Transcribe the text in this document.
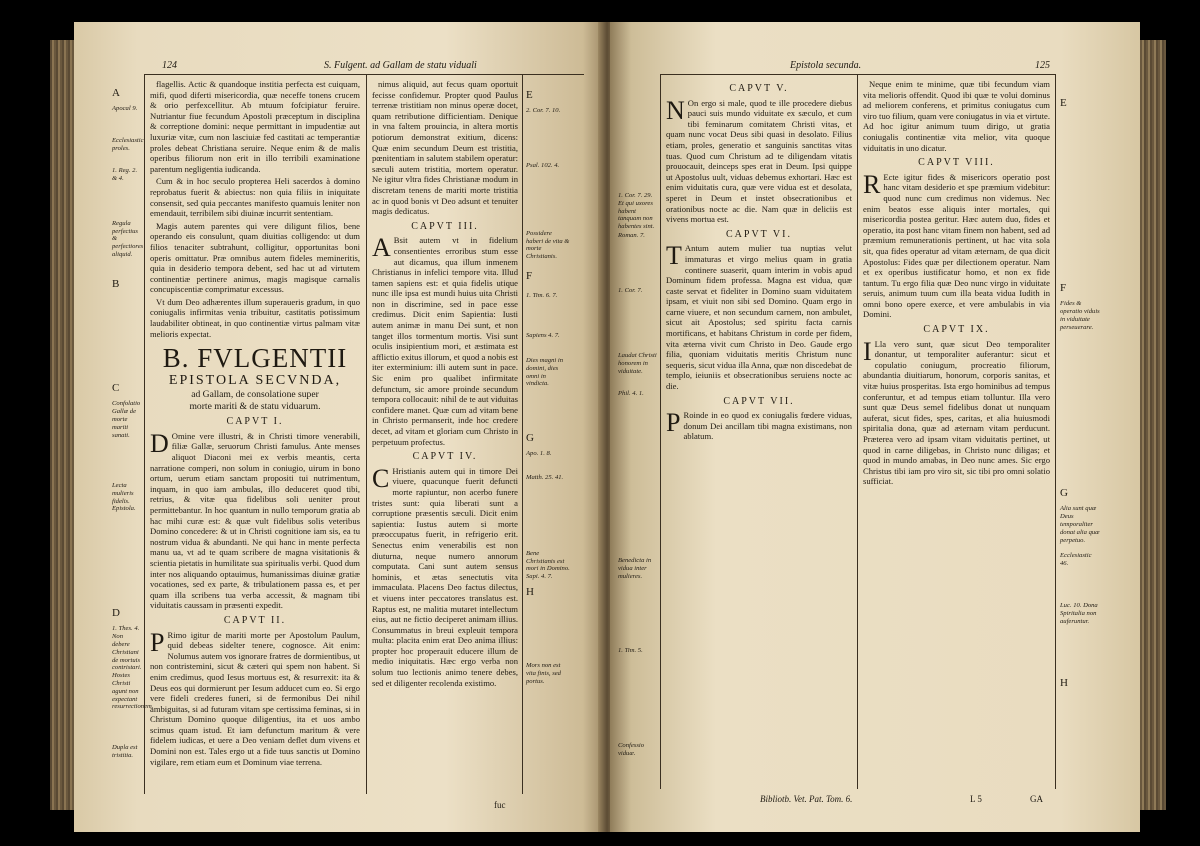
124	S. Fulgent. ad Gallam de statu viduali

A

Apocal 9.

Ecclesiastic proles.
1. Reg. 2. & 4.

Regula perfectius & perfectiores aliquid.

B

C

Confolatio Gallæ de morte mariti sanati.

Lecta mulieris fidelis. Epistola.

D

1. Thes. 4. Non debere Christiani de mortuis contristari. Hostes Christi agunt non expectant resurrectionem.

Dupla est tristitia.

flagellis. Actic & quandoque institia perfecta est cuiquam, mifi, quod diferti misericordia, quæ neceffe tonens crucem & orio perfexcellitur. Ab mtuum fofcipiatur feruire. Nutriantur fiue fecundum Apostoli præceptum in disciplina & correptione domini: neque permittant in impudentiæ aut luxuriæ vitæ, cum non lasciuiæ fed castitati ac temperantiæ proles debeat Christiana seruire. Neque enim & de malis operibus filiorum non erit in illo terribili examinatione parentum negligentia iudicanda.

Cum & in hoc seculo propterea Heli sacerdos à domino reprobatus fuerit & abiectus: non quia filiis in iniquitate consensit, sed quia peccantes manifesto quamuis leniter non emendauit, terribilem sibi diuinæ incurrit sententiam.

Magis autem parentes qui vere diligunt filios, bene operando eis consulunt, quam diuitias colligendo: ut dum filios tenaciter subtrahunt, colligitur, opportunitas boni operis omittatur. Præ omnibus autem fideles memineritis, quia in desiderio tempora debent, sed hac ut ad virtutem continentiæ pertinere animus, magis magisque carnalis concupiscentiæ comprimatur excessus.

Vt dum Deo adhærentes illum superaueris gradum, in quo coniugalis infirmitas venia tribuitur, castitatis potissimum laudabiliter obtineat, in quo continentiæ virtus palmam vitæ melioris expectat.

B. FVLGENTII
EPISTOLA SECVNDA,
ad Gallam, de consolatione super
morte mariti & de statu viduarum.
CAPVT I.

D Omine vere illustri, & in Christi timore venerabili, filiæ Gallæ, seruorum Christi famulus. Ante menses aliquot Diaconi mei ex verbis meantis, certa narratione comperi, non solum in coniugio, uirum in bono ortum, uerum etiam sanctam propositi tui nutrimentum, inquam, in quo iam ambulas, illo deduceret quod tibi, retrius, & vitæ qua fidelibus soli ueniter prout permittebantur. In hoc quantum in nullo temporum gratia ab hac mihi curæ est: & quæ vult fidelibus solis veteribus Domino concedere: & ut in Christi cognitione iam sis, ea tu nostrum vidua & abundanti. Ne qui hanc in mente perfecta manu ua, vt ad te quam scribere de magna visitationis & scientia pietatis in humilitate sua spiritualis verbi. Quod dum inter nos aliquando optauimus, humanissimas diuinæ gratiæ vocationes, sed ex parte, & tribulationem passa es, et per quam illa scribens tua verba accessit, & magnam tibi viduitatis caussam in præsenti expedit.

CAPVT II.

P Rimo igitur de mariti morte per Apostolum Paulum, quid debeas sidelter tenere, cognosce. Ait enim: Nolumus autem vos ignorare fratres de dormientibus, ut non contristemini, sicut & cæteri qui spem non habent. Si enim credimus, quod Iesus mortuus est, & resurrexit: ita & Deus eos qui dormierunt per Iesum adducet cum eo. Si ergo vere fideli crederes funeri, si de fermonibus Dei nihil ambiguitas, si ad futuram vitam spe certissima feminas, si in Christum Domino quoque diligentius, ita et uos ambo scimus quam istud. Et iam defunctum maritum & vere fidelem iudicas, et uere a Deo veniam deflet dum vivens et Domini non est. Tales ergo ut a fide tuus sanctis ut Domino vigilare, rem etiam eum et Dominum viae terrena.

nimus aliquid, aut fecus quam oportuit fecisse confidemur. Propter quod Paulus terrenæ tristitiam non minus operæ docet, quam retributione difficientiam. Denique in vna faltem prouincia, in altera mortis potiorum demonstrat exitium, dicens: Quæ enim secundum Deum est tristitia, pœnitentiam in salutem stabilem operatur: sæculi autem tristitia, mortem operatur. Ne igitur vltra fides Christianæ modum in discretam tenens de mariti morte tristitia ac in quod bonis vt Deo adsunt et tenuiter magis dedicatus.

CAPVT III.

A Bsit autem vt in fidelium consentientes erroribus stum esse aut dicamus, qua illum inmenem Christianus in infelici tempore vita. Illud tamen sapiens est: et quia fidelis utique nunc ille ipsa est mundi huius uita Christi non in discrimine, sed in pace esse credimus. Dicit enim Sapientia: Iusti autem animæ in manu Dei sunt, et non tanget illos tormentum mortis. Visi sunt oculis insipientium mori, et æstimata est afflictio exitus illorum, et quod a nobis est iter exterminium: illi autem sunt in pace. Sic enim pro qualibet infirmitate defunctum, sic amore proinde secundum tempora collocauit: nihil de te aut viduitas confidere manet. Quæ cum ad vitam bene in Christo permanserit, inde hoc credere decet, ad vitam et gloriam cum Christo in perpetuum profectus.

CAPVT IV.

C Hristianis autem qui in timore Dei viuere, quacunque fuerit defuncti morte rapiuntur, non acerbo funere tristes sunt: quia liberati sunt a corruptione præsentis sæculi. Dicit enim sapientia: Iustus autem si morte præoccupatus fuerit, in refrigerio erit. Senectus enim venerabilis est non diuturna, neque numero annorum computata. Cani sunt autem sensus hominis, et ætas senectutis vita immaculata. Placens Deo factus dilectus, et viuens inter peccatores translatus est. Raptus est, ne malitia mutaret intellectum eius, aut ne fictio deciperet animam illius. Consummatus in breui expleuit tempora multa: placita enim erat Deo anima illius: propter hoc properauit educere illum de medio iniquitatis. Hæc ergo verba non solum tuo lectionis animo tenere debes, sed et diligenter recolenda existimo.

E

2. Cor. 7. 10.

Psal. 102. 4.

Possidere haberi de vita & morte Christianis.

F

1. Tim. 6. 7.
Sapiens 4. 7.
Dies magni in domini, dies omni in vindicta.

G

Apo. 1. 8.

Matth. 25. 41.

Bene Christianis est mori in Domino. Sapi. 4. 7.

H

Mors non est vita finis, sed portus.
fuc
Epistola secunda.	125
1. Cor. 7. 29. Et qui uxores habent tanquam non habentes sint.
Roman. 7.
1. Cor. 7.
Laudat Christi honorem in viduitate.
Phil. 4. 1.
Benedicta in vidua inter mulieres.
1. Tim. 5.
Confessio viduæ.
CAPVT V.

N On ergo si male, quod te ille procedere diebus pauci suis mundo viduitate ex sæculo, et cum tibi feminarum comitatem Christi vitas, et quam nunc vocat Deus sibi quasi in desolato. Filius etiam, proles, generatio et sanguinis sanctitas vitas tuas. Quod cum Christum ad te diligendam vitatis prouocauit, deinceps spes erat in Deum. Ipsi quippe ut Apostolus uult, viduas debemus exhortari. Hæc est enim viduitatis cura, quæ vere vidua est et desolata, speret in Deum et instet obsecrationibus et orationibus nocte ac die. Nam quæ in deliciis est vivens mortua est.

CAPVT VI.

T Antum autem mulier tua nuptias velut immaturas et virgo melius quam in gratia continere suaserit, quam interim in vobis apud Dominum fidem professa. Magna est vidua, quæ caste servat et fideliter in Domino suam viduitatem ipsam, et viuit non sibi sed Domino. Quam ergo in carne viuere, et non secundum carnem, non ambulet, sicut ait Apostolus; sed spiritu facta carnis mortificans, et habitans Christum in corde per fidem, vita æterna vivit cum Christo in Deo. Gaude ergo filia, quoniam viduitatis meritis Christum nunc sequeris, sicut vidua illa Anna, quæ non discedebat de templo, ieiuniis et obsecrationibus seruiens nocte ac die.

CAPVT VII.

P Roinde in eo quod ex coniugalis fœdere viduas, donum Dei ancillam tibi magna existimans, non ablatum.

Neque enim te minime, quæ tibi fecundum viam vita melioris offendit. Quod ibi quæ te volui dominus ad meliorem conferens, et primitus coniugatus cum viro tuo filium, quam vere coniugatus in via et virtute. Ad hoc igitur animum tuum dirigo, ut gratia coniugalis continentiæ vita melior, vita quoque viduitatis in uno dicatur.

CAPVT VIII.

R Ecte igitur fides & misericors operatio post hanc vitam desiderio et spe præmium videbitur: quod nunc cum credimus non videmus. Nec enim beatos esse aliquis inter mortales, qui misericordia postea geritur. Hæc autem duo, fides et operatio, ita post hanc vitam finem non habent, sed ad præmium remunerationis pertinent, ut hac vita sola sit, qua fides operatur ad vitam æternam, de qua dicit Apostolus: Fides quæ per dilectionem operatur. Nam et ex operibus iustificatur homo, et non ex fide tantum. Tu ergo filia quæ Deo nunc virgo in viduitate seruis, animum tuum cum illa beata vidua Iudith in omni bono opere exerce, et vere ambulabis in via Domini.

CAPVT IX.

I Lla vero sunt, quæ sicut Deo temporaliter donantur, ut temporaliter auferantur: sicut et copulatio coniugum, procreatio filiorum, abundantia diuitiarum, honorum, corporis sanitas, et vitæ huius prosperitas. Ista ergo hominibus ad tempus conferuntur, et ad tempus etiam tolluntur. Illa vero sunt quæ Deus semel fidelibus donat ut nunquam auferat, sicut fides, spes, caritas, et alia huiusmodi spiritalia dona, quæ ad æternam vitam perducunt. Præterea vero ad ipsam vitam viduitatis pertinet, ut quod in carne diligebas, in Christo nunc diligas; et quod in mundo amabas, in Deo nunc ames. Sic ergo Christus tibi iam pro viro sit, sic tibi pro omni solatio sufficiat.

E

F

Fides & operatio viduis in viduitate perseuerare.

G

Alia sunt quæ Deus temporaliter donat alia quæ perpetuo.

Ecclesiastic 46.
Luc. 10. Dona Spiritalia non auferuntur.

H

Bibliotb. Vet. Pat. Tom. 6.	L 5	GA
